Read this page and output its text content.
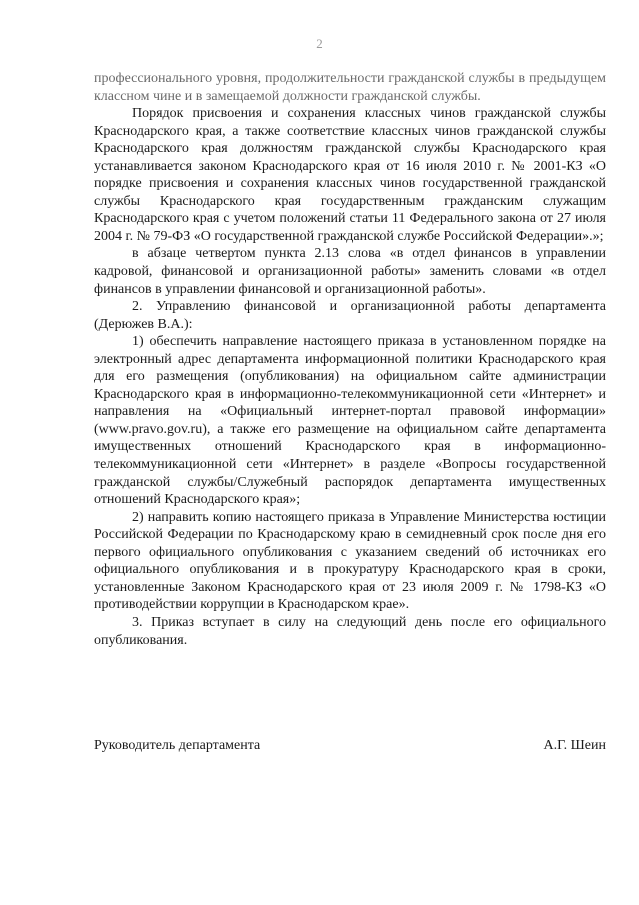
2

профессионального уровня, продолжительности гражданской службы в предыдущем классном чине и в замещаемой должности гражданской службы.

Порядок присвоения и сохранения классных чинов гражданской службы Краснодарского края, а также соответствие классных чинов гражданской службы Краснодарского края должностям гражданской службы Краснодарского края устанавливается законом Краснодарского края от 16 июля 2010 г. № 2001-КЗ «О порядке присвоения и сохранения классных чинов государственной гражданской службы Краснодарского края государственным гражданским служащим Краснодарского края с учетом положений статьи 11 Федерального закона от 27 июля 2004 г. № 79-ФЗ «О государственной гражданской службе Российской Федерации».»;

в абзаце четвертом пункта 2.13 слова «в отдел финансов в управлении кадровой, финансовой и организационной работы» заменить словами «в отдел финансов в управлении финансовой и организационной работы».

2. Управлению финансовой и организационной работы департамента (Дерюжев В.А.):

1) обеспечить направление настоящего приказа в установленном порядке на электронный адрес департамента информационной политики Краснодарского края для его размещения (опубликования) на официальном сайте администрации Краснодарского края в информационно-телекоммуникационной сети «Интернет» и направления на «Официальный интернет-портал правовой информации» (www.pravo.gov.ru), а также его размещение на официальном сайте департамента имущественных отношений Краснодарского края в информационно-телекоммуникационной сети «Интернет» в разделе «Вопросы государственной гражданской службы/Служебный распорядок департамента имущественных отношений Краснодарского края»;

2) направить копию настоящего приказа в Управление Министерства юстиции Российской Федерации по Краснодарскому краю в семидневный срок после дня его первого официального опубликования с указанием сведений об источниках его официального опубликования и в прокуратуру Краснодарского края в сроки, установленные Законом Краснодарского края от 23 июля 2009 г. № 1798-КЗ «О противодействии коррупции в Краснодарском крае».

3. Приказ вступает в силу на следующий день после его официального опубликования.

Руководитель департамента	А.Г. Шеин
